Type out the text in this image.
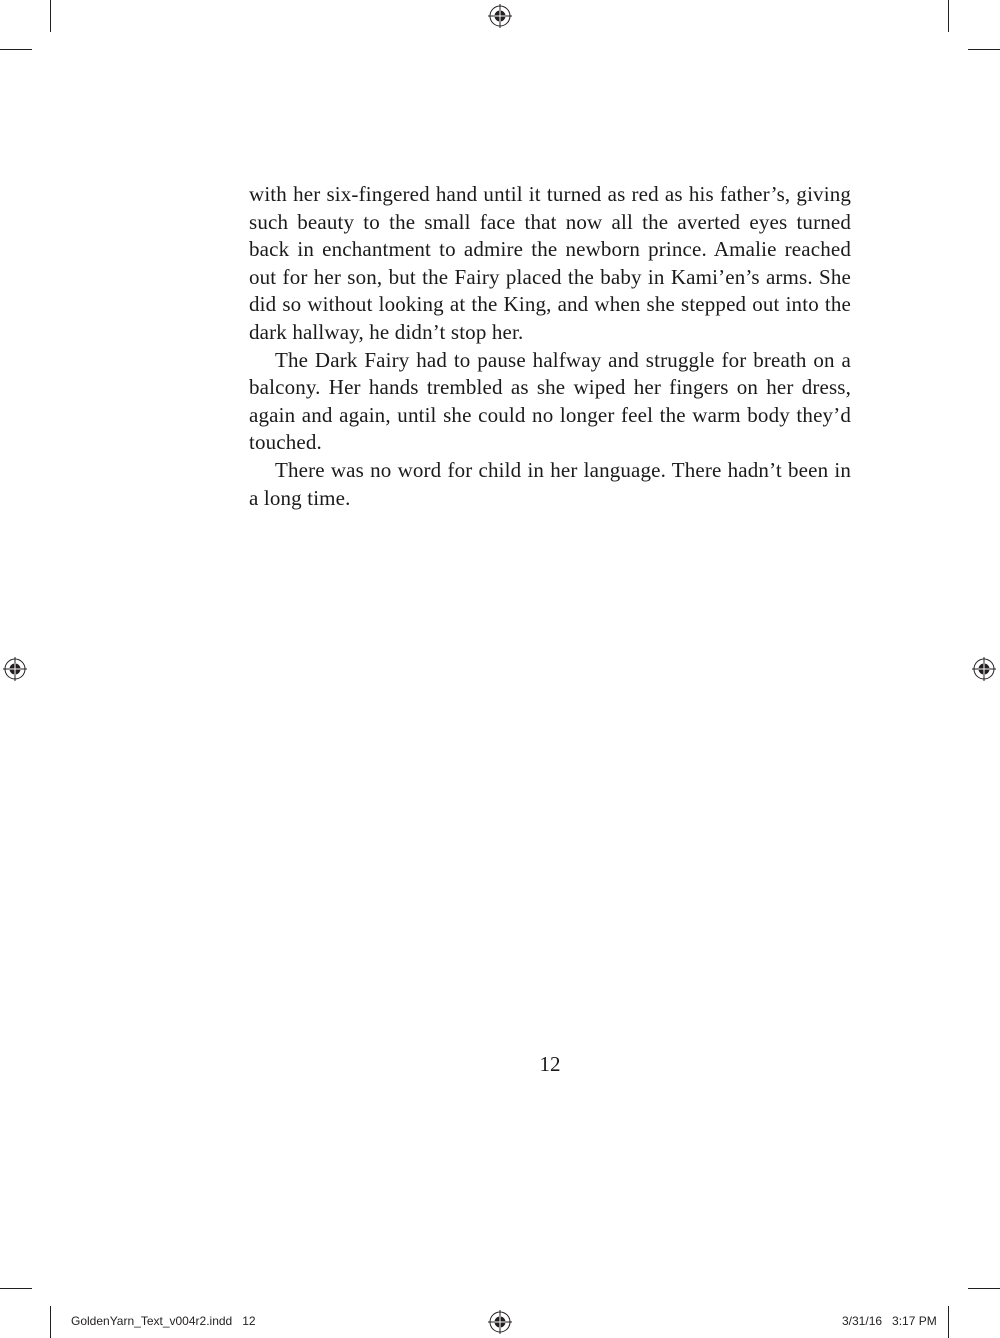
with her six-fingered hand until it turned as red as his father’s, giving such beauty to the small face that now all the averted eyes turned back in enchantment to admire the newborn prince. Amalie reached out for her son, but the Fairy placed the baby in Kami’en’s arms. She did so without looking at the King, and when she stepped out into the dark hallway, he didn’t stop her.

The Dark Fairy had to pause halfway and struggle for breath on a balcony. Her hands trembled as she wiped her fingers on her dress, again and again, until she could no longer feel the warm body they’d touched.

There was no word for child in her language. There hadn’t been in a long time.

12
GoldenYarn_Text_v004r2.indd   12	3/31/16   3:17 PM
